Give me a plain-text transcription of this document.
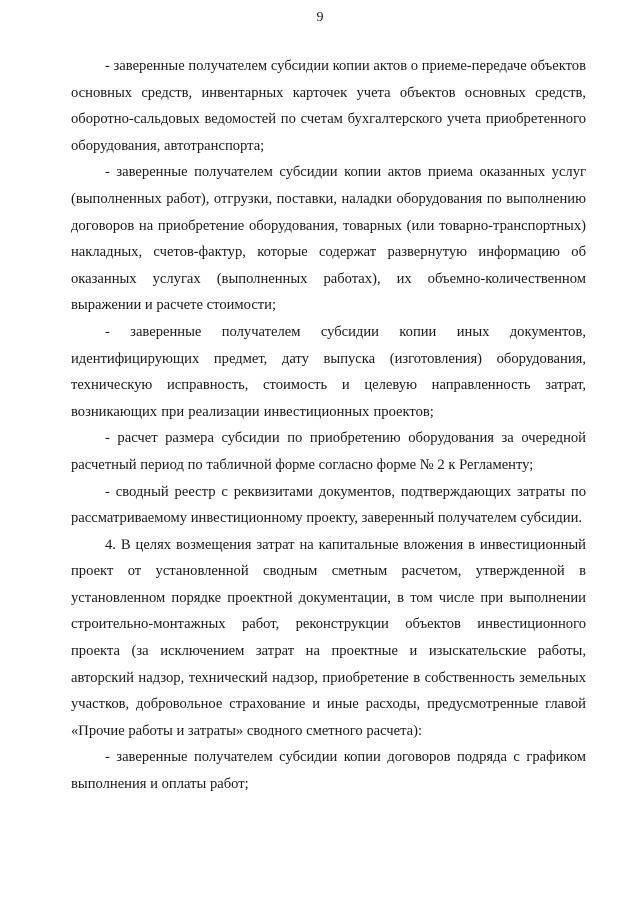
9

- заверенные получателем субсидии копии актов о приеме-передаче объектов основных средств, инвентарных карточек учета объектов основных средств, оборотно-сальдовых ведомостей по счетам бухгалтерского учета приобретенного оборудования, автотранспорта;

- заверенные получателем субсидии копии актов приема оказанных услуг (выполненных работ), отгрузки, поставки, наладки оборудования по выполнению договоров на приобретение оборудования, товарных (или товарно-транспортных) накладных, счетов-фактур, которые содержат развернутую информацию об оказанных услугах (выполненных работах), их объемно-количественном выражении и расчете стоимости;

- заверенные получателем субсидии копии иных документов, идентифицирующих предмет, дату выпуска (изготовления) оборудования, техническую исправность, стоимость и целевую направленность затрат, возникающих при реализации инвестиционных проектов;

- расчет размера субсидии по приобретению оборудования за очередной расчетный период по табличной форме согласно форме № 2 к Регламенту;

- сводный реестр с реквизитами документов, подтверждающих затраты по рассматриваемому инвестиционному проекту, заверенный получателем субсидии.

4. В целях возмещения затрат на капитальные вложения в инвестиционный проект от установленной сводным сметным расчетом, утвержденной в установленном порядке проектной документации, в том числе при выполнении строительно-монтажных работ, реконструкции объектов инвестиционного проекта (за исключением затрат на проектные и изыскательские работы, авторский надзор, технический надзор, приобретение в собственность земельных участков, добровольное страхование и иные расходы, предусмотренные главой «Прочие работы и затраты» сводного сметного расчета):

- заверенные получателем субсидии копии договоров подряда с графиком выполнения и оплаты работ;
